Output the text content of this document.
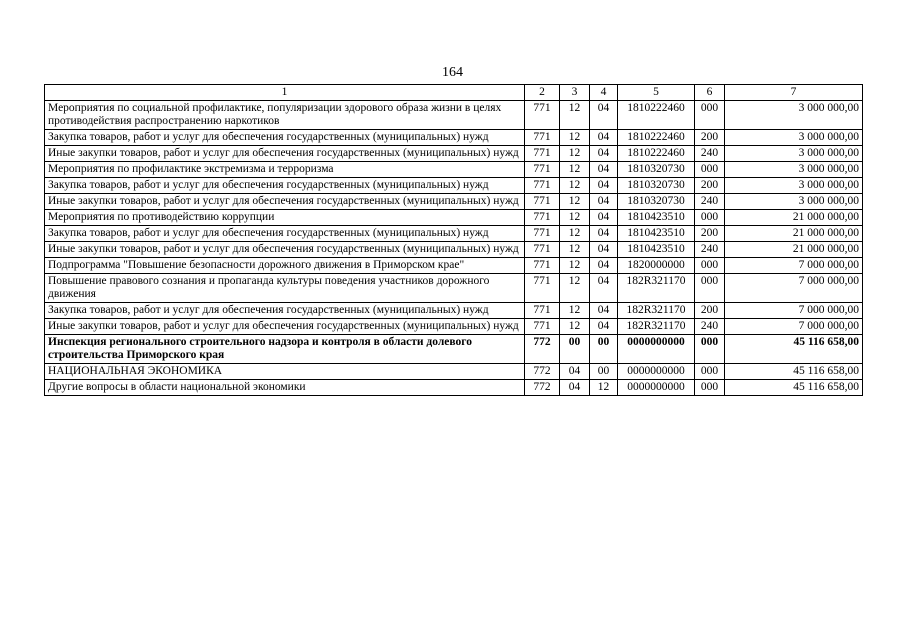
164
1	2	3	4	5	6	7
Мероприятия по социальной профилактике, популяризации здорового образа жизни в целях противодействия распространению наркотиков	771	12	04	1810222460	000	3 000 000,00
Закупка товаров, работ и услуг для обеспечения государственных (муниципальных) нужд	771	12	04	1810222460	200	3 000 000,00
Иные закупки товаров, работ и услуг для обеспечения государственных (муниципальных) нужд	771	12	04	1810222460	240	3 000 000,00
Мероприятия по профилактике экстремизма и терроризма	771	12	04	1810320730	000	3 000 000,00
Закупка товаров, работ и услуг для обеспечения государственных (муниципальных) нужд	771	12	04	1810320730	200	3 000 000,00
Иные закупки товаров, работ и услуг для обеспечения государственных (муниципальных) нужд	771	12	04	1810320730	240	3 000 000,00
Мероприятия по противодействию коррупции	771	12	04	1810423510	000	21 000 000,00
Закупка товаров, работ и услуг для обеспечения государственных (муниципальных) нужд	771	12	04	1810423510	200	21 000 000,00
Иные закупки товаров, работ и услуг для обеспечения государственных (муниципальных) нужд	771	12	04	1810423510	240	21 000 000,00
Подпрограмма "Повышение безопасности дорожного движения в Приморском крае"	771	12	04	1820000000	000	7 000 000,00
Повышение правового сознания и пропаганда культуры поведения участников дорожного движения	771	12	04	182R321170	000	7 000 000,00
Закупка товаров, работ и услуг для обеспечения государственных (муниципальных) нужд	771	12	04	182R321170	200	7 000 000,00
Иные закупки товаров, работ и услуг для обеспечения государственных (муниципальных) нужд	771	12	04	182R321170	240	7 000 000,00
Инспекция регионального строительного надзора и контроля в области долевого строительства Приморского края	772	00	00	0000000000	000	45 116 658,00
НАЦИОНАЛЬНАЯ ЭКОНОМИКА	772	04	00	0000000000	000	45 116 658,00
Другие вопросы в области национальной экономики	772	04	12	0000000000	000	45 116 658,00
